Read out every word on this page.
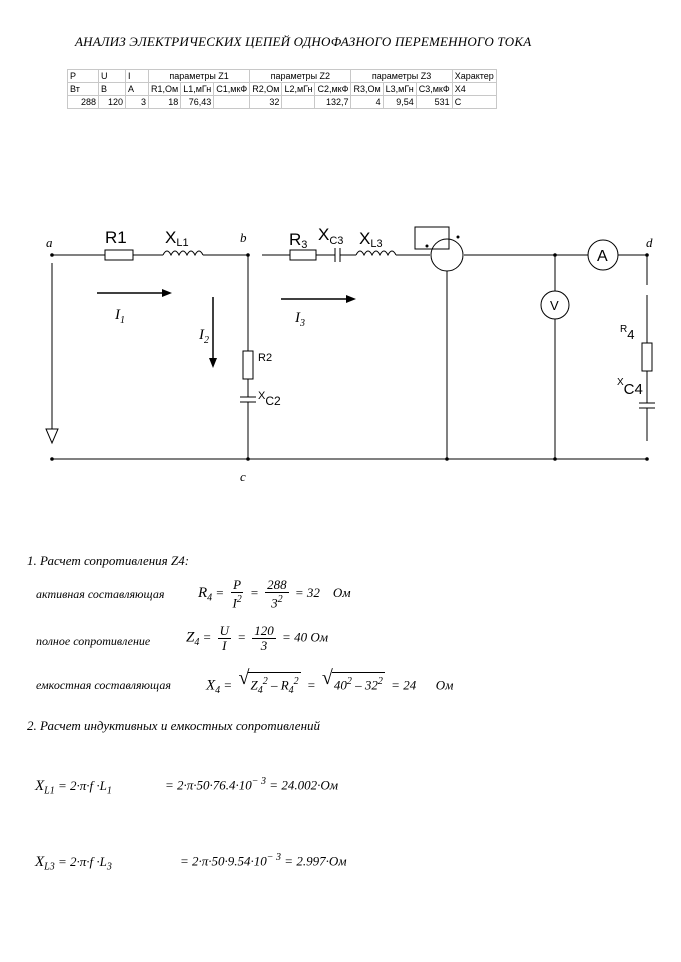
АНАЛИЗ ЭЛЕКТРИЧЕСКИХ ЦЕПЕЙ ОДНОФАЗНОГО ПЕРЕМЕННОГО ТОКА
P	U	I	параметры Z1			параметры Z2			параметры Z3			Характер
Вт	В	А	R1,Ом	L1,мГн	C1,мкФ	R2,Ом	L2,мГн	C2,мкФ	R3,Ом	L3,мГн	C3,мкФ	X4
288	120	3	18	76,43		32		132,7	4	9,54	531	C
a	b
c
d
R1 XL1	R3
$X_{C3}$ XL3
R2
XC2
R4
XC4
A
V
$I_1$
$I_2$
$I_3$
1. Расчет сопротивления Z4:
активная составляющая $R_4 = \frac{P}{I^2} = \frac{288}{3^2} = 32$ Ом
полное сопротивление $Z_4 = \frac{U}{I} = \frac{120}{3} = 40$ Ом
емкостная составляющая $X_4$ = √ $Z_4^2 - R_4^2$ = √ $40^2 - 32^2 = 24$ Ом
2. Расчет индуктивных и емкостных сопротивлений
$X_{L1} = 2\cdot\pi\cdot f \cdot L_1$	= $2\cdot\pi\cdot 50\cdot 76.4\cdot 10^{- 3} = 24.002\cdot Ом$
$X_{L3} = 2\cdot\pi\cdot f \cdot L_3$	= $2\cdot\pi\cdot 50\cdot 9.54\cdot 10^{- 3} = 2.997\cdot Ом$
